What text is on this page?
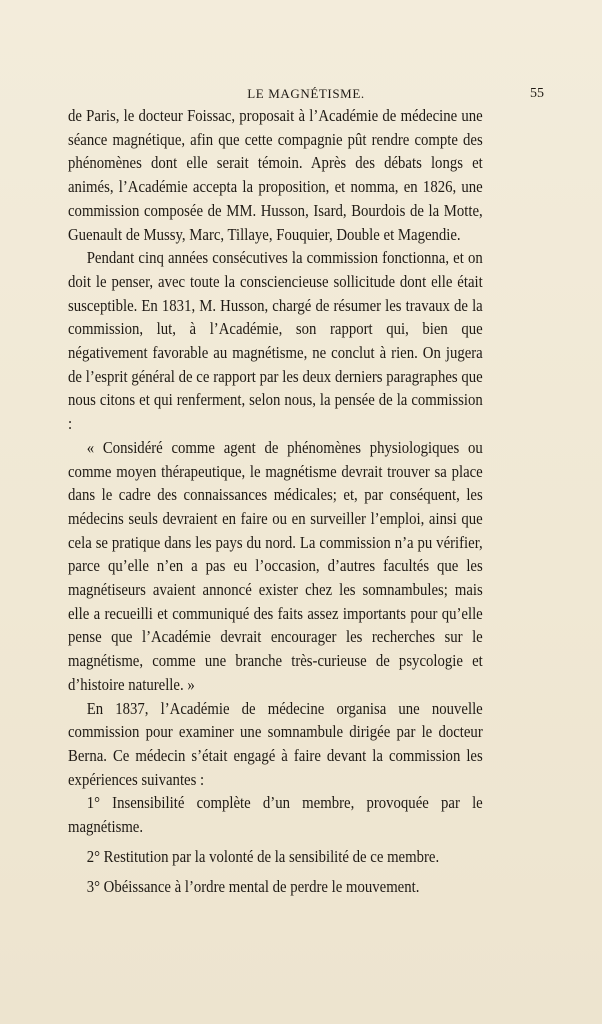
LE MAGNÉTISME.	55

de Paris, le docteur Foissac, proposait à l’Académie de médecine une séance magnétique, afin que cette compagnie pût rendre compte des phénomènes dont elle serait témoin. Après des débats longs et animés, l’Académie accepta la proposition, et nomma, en 1826, une commission composée de MM. Husson, Isard, Bourdois de la Motte, Guenault de Mussy, Marc, Tillaye, Fouquier, Double et Magendie.

Pendant cinq années consécutives la commission fonctionna, et on doit le penser, avec toute la consciencieuse sollicitude dont elle était susceptible. En 1831, M. Husson, chargé de résumer les travaux de la commission, lut, à l’Académie, son rapport qui, bien que négativement favorable au magnétisme, ne conclut à rien. On jugera de l’esprit général de ce rapport par les deux derniers paragraphes que nous citons et qui renferment, selon nous, la pensée de la commission :

« Considéré comme agent de phénomènes physiologiques ou comme moyen thérapeutique, le magnétisme devrait trouver sa place dans le cadre des connaissances médicales; et, par conséquent, les médecins seuls devraient en faire ou en surveiller l’emploi, ainsi que cela se pratique dans les pays du nord. La commission n’a pu vérifier, parce qu’elle n’en a pas eu l’occasion, d’autres facultés que les magnétiseurs avaient annoncé exister chez les somnambules; mais elle a recueilli et communiqué des faits assez importants pour qu’elle pense que l’Académie devrait encourager les recherches sur le magnétisme, comme une branche très-curieuse de psycologie et d’histoire naturelle. »

En 1837, l’Académie de médecine organisa une nouvelle commission pour examiner une somnambule dirigée par le docteur Berna. Ce médecin s’était engagé à faire devant la commission les expériences suivantes :

1° Insensibilité complète d’un membre, provoquée par le magnétisme.

2° Restitution par la volonté de la sensibilité de ce membre.

3° Obéissance à l’ordre mental de perdre le mouvement.
